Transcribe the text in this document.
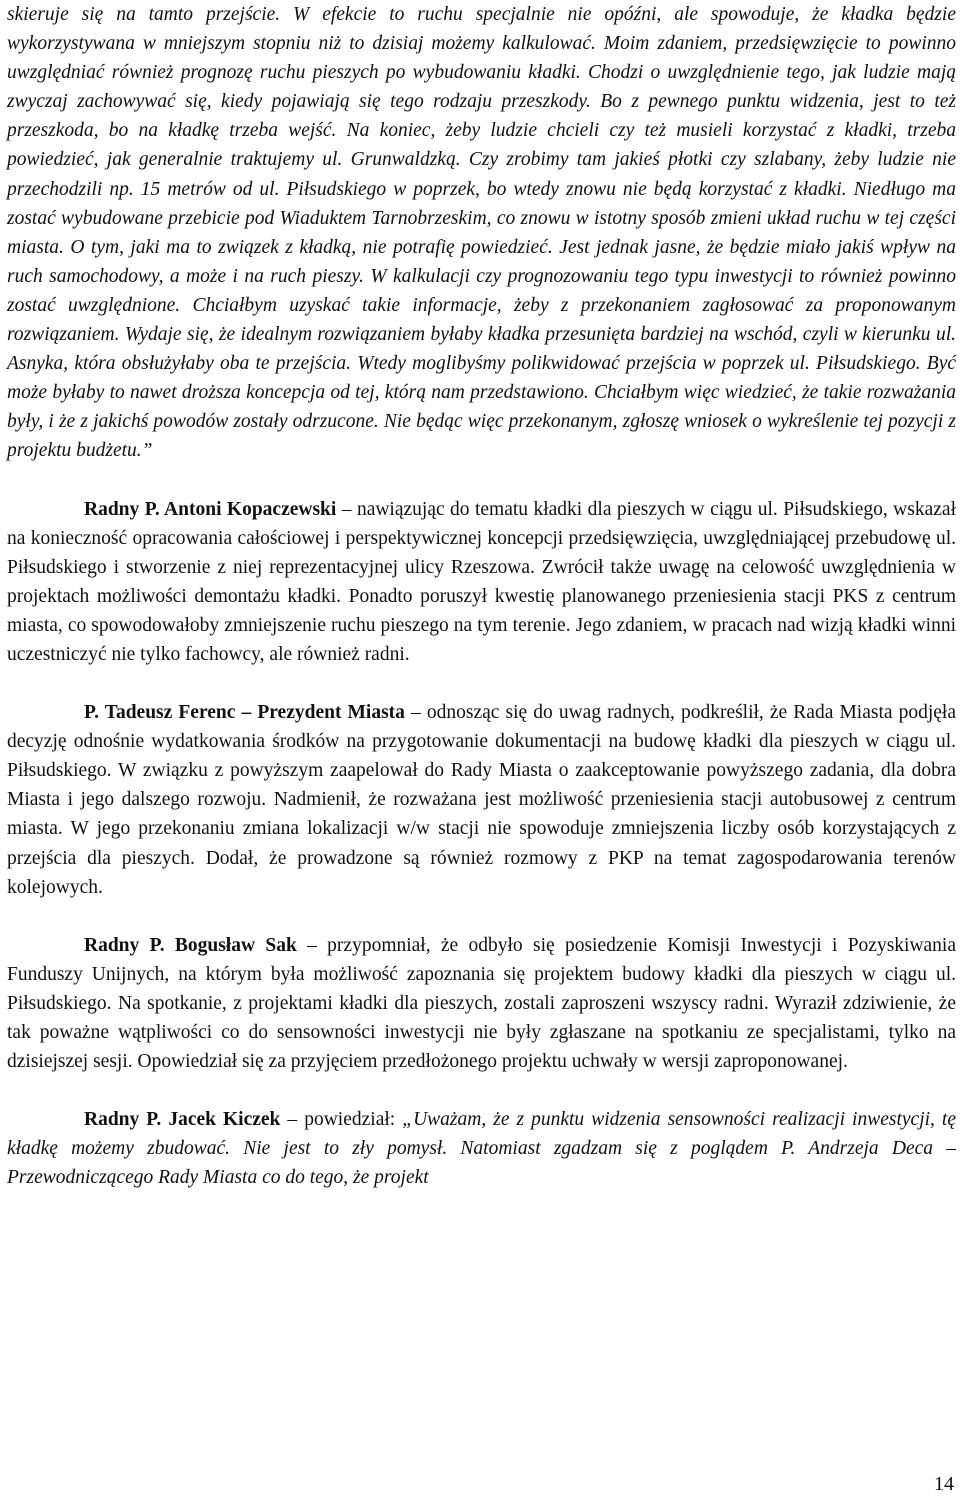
skieruje się na tamto przejście. W efekcie to ruchu specjalnie nie opóźni, ale spowoduje, że kładka będzie wykorzystywana w mniejszym stopniu niż to dzisiaj możemy kalkulować. Moim zdaniem, przedsięwzięcie to powinno uwzględniać również prognozę ruchu pieszych po wybudowaniu kładki. Chodzi o uwzględnienie tego, jak ludzie mają zwyczaj zachowywać się, kiedy pojawiają się tego rodzaju przeszkody. Bo z pewnego punktu widzenia, jest to też przeszkoda, bo na kładkę trzeba wejść. Na koniec, żeby ludzie chcieli czy też musieli korzystać z kładki, trzeba powiedzieć, jak generalnie traktujemy ul. Grunwaldzką. Czy zrobimy tam jakieś płotki czy szlabany, żeby ludzie nie przechodzili np. 15 metrów od ul. Piłsudskiego w poprzek, bo wtedy znowu nie będą korzystać z kładki. Niedługo ma zostać wybudowane przebicie pod Wiaduktem Tarnobrzeskim, co znowu w istotny sposób zmieni układ ruchu w tej części miasta. O tym, jaki ma to związek z kładką, nie potrafię powiedzieć. Jest jednak jasne, że będzie miało jakiś wpływ na ruch samochodowy, a może i na ruch pieszy. W kalkulacji czy prognozowaniu tego typu inwestycji to również powinno zostać uwzględnione. Chciałbym uzyskać takie informacje, żeby z przekonaniem zagłosować za proponowanym rozwiązaniem. Wydaje się, że idealnym rozwiązaniem byłaby kładka przesunięta bardziej na wschód, czyli w kierunku ul. Asnyka, która obsłużyłaby oba te przejścia. Wtedy moglibyśmy polikwidować przejścia w poprzek ul. Piłsudskiego. Być może byłaby to nawet droższa koncepcja od tej, którą nam przedstawiono. Chciałbym więc wiedzieć, że takie rozważania były, i że z jakichś powodów zostały odrzucone. Nie będąc więc przekonanym, zgłoszę wniosek o wykreślenie tej pozycji z projektu budżetu.”

Radny P. Antoni Kopaczewski – nawiązując do tematu kładki dla pieszych w ciągu ul. Piłsudskiego, wskazał na konieczność opracowania całościowej i perspektywicznej koncepcji przedsięwzięcia, uwzględniającej przebudowę ul. Piłsudskiego i stworzenie z niej reprezentacyjnej ulicy Rzeszowa. Zwrócił także uwagę na celowość uwzględnienia w projektach możliwości demontażu kładki. Ponadto poruszył kwestię planowanego przeniesienia stacji PKS z centrum miasta, co spowodowałoby zmniejszenie ruchu pieszego na tym terenie. Jego zdaniem, w pracach nad wizją kładki winni uczestniczyć nie tylko fachowcy, ale również radni.

P. Tadeusz Ferenc – Prezydent Miasta – odnosząc się do uwag radnych, podkreślił, że Rada Miasta podjęła decyzję odnośnie wydatkowania środków na przygotowanie dokumentacji na budowę kładki dla pieszych w ciągu ul. Piłsudskiego. W związku z powyższym zaapelował do Rady Miasta o zaakceptowanie powyższego zadania, dla dobra Miasta i jego dalszego rozwoju. Nadmienił, że rozważana jest możliwość przeniesienia stacji autobusowej z centrum miasta. W jego przekonaniu zmiana lokalizacji w/w stacji nie spowoduje zmniejszenia liczby osób korzystających z przejścia dla pieszych. Dodał, że prowadzone są również rozmowy z PKP na temat zagospodarowania terenów kolejowych.

Radny P. Bogusław Sak – przypomniał, że odbyło się posiedzenie Komisji Inwestycji i Pozyskiwania Funduszy Unijnych, na którym była możliwość zapoznania się projektem budowy kładki dla pieszych w ciągu ul. Piłsudskiego. Na spotkanie, z projektami kładki dla pieszych, zostali zaproszeni wszyscy radni. Wyraził zdziwienie, że tak poważne wątpliwości co do sensowności inwestycji nie były zgłaszane na spotkaniu ze specjalistami, tylko na dzisiejszej sesji. Opowiedział się za przyjęciem przedłożonego projektu uchwały w wersji zaproponowanej.

Radny P. Jacek Kiczek – powiedział: „Uważam, że z punktu widzenia sensowności realizacji inwestycji, tę kładkę możemy zbudować. Nie jest to zły pomysł. Natomiast zgadzam się z poglądem P. Andrzeja Deca – Przewodniczącego Rady Miasta co do tego, że projekt

14
